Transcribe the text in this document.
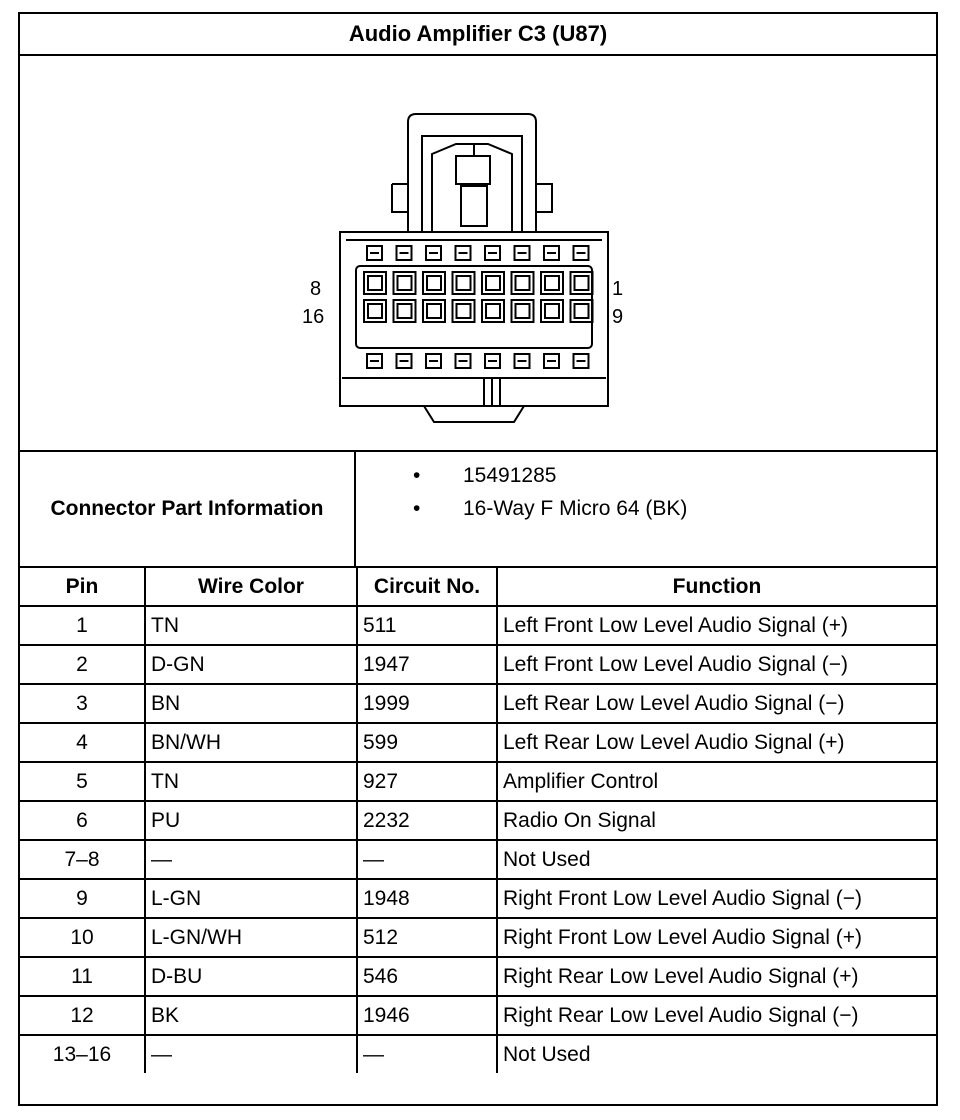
Audio Amplifier C3 (U87)
8
16
1
9
Connector Part Information
• 15491285
• 16-Way F Micro 64 (BK)
Pin	Wire Color	Circuit No.	Function
1	TN	511	Left Front Low Level Audio Signal (+)
2	D-GN	1947	Left Front Low Level Audio Signal (−)
3	BN	1999	Left Rear Low Level Audio Signal (−)
4	BN/WH	599	Left Rear Low Level Audio Signal (+)
5	TN	927	Amplifier Control
6	PU	2232	Radio On Signal
7–8	—	—	Not Used
9	L-GN	1948	Right Front Low Level Audio Signal (−)
10	L-GN/WH	512	Right Front Low Level Audio Signal (+)
11	D-BU	546	Right Rear Low Level Audio Signal (+)
12	BK	1946	Right Rear Low Level Audio Signal (−)
13–16	—	—	Not Used
